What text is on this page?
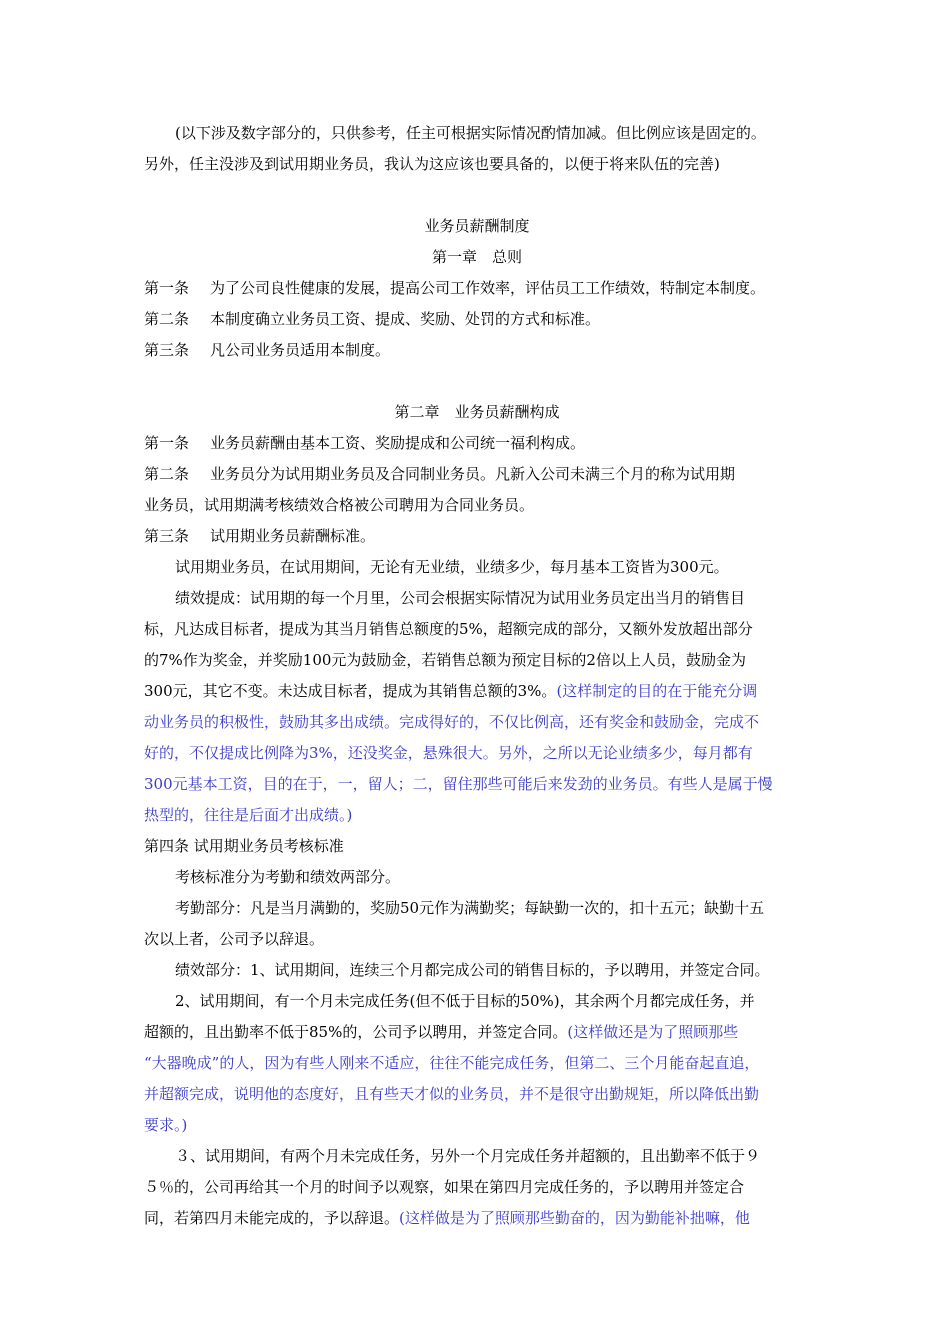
(以下涉及数字部分的，只供参考，任主可根据实际情况酌情加减。但比例应该是固定的。
另外，任主没涉及到试用期业务员，我认为这应该也要具备的，以便于将来队伍的完善)
业务员薪酬制度
第一章　总则
第一条 为了公司良性健康的发展，提高公司工作效率，评估员工工作绩效，特制定本制度。
第二条 本制度确立业务员工资、提成、奖励、处罚的方式和标准。
第三条 凡公司业务员适用本制度。
第二章　业务员薪酬构成
第一条 业务员薪酬由基本工资、奖励提成和公司统一福利构成。
第二条 业务员分为试用期业务员及合同制业务员。凡新入公司未满三个月的称为试用期
业务员，试用期满考核绩效合格被公司聘用为合同业务员。
第三条 试用期业务员薪酬标准。
试用期业务员，在试用期间，无论有无业绩，业绩多少，每月基本工资皆为300元。
绩效提成：试用期的每一个月里，公司会根据实际情况为试用业务员定出当月的销售目
标，凡达成目标者，提成为其当月销售总额度的5%，超额完成的部分，又额外发放超出部分
的7%作为奖金，并奖励100元为鼓励金，若销售总额为预定目标的2倍以上人员，鼓励金为
300元，其它不变。未达成目标者，提成为其销售总额的3%。(这样制定的目的在于能充分调
动业务员的积极性，鼓励其多出成绩。完成得好的，不仅比例高，还有奖金和鼓励金，完成不
好的，不仅提成比例降为3%，还没奖金，悬殊很大。另外，之所以无论业绩多少，每月都有
300元基本工资，目的在于，一，留人；二，留住那些可能后来发劲的业务员。有些人是属于慢
热型的，往往是后面才出成绩。)
第四条 试用期业务员考核标准
考核标准分为考勤和绩效两部分。
考勤部分：凡是当月满勤的，奖励50元作为满勤奖；每缺勤一次的，扣十五元；缺勤十五
次以上者，公司予以辞退。
绩效部分：1、试用期间，连续三个月都完成公司的销售目标的，予以聘用，并签定合同。
2、试用期间，有一个月未完成任务(但不低于目标的50%)，其余两个月都完成任务，并
超额的，且出勤率不低于85%的，公司予以聘用，并签定合同。(这样做还是为了照顾那些
“大器晚成”的人，因为有些人刚来不适应，往往不能完成任务，但第二、三个月能奋起直追，
并超额完成，说明他的态度好，且有些天才似的业务员，并不是很守出勤规矩，所以降低出勤
要求。)
３、试用期间，有两个月未完成任务，另外一个月完成任务并超额的，且出勤率不低于９
５％的，公司再给其一个月的时间予以观察，如果在第四月完成任务的，予以聘用并签定合
同，若第四月未能完成的，予以辞退。(这样做是为了照顾那些勤奋的，因为勤能补拙嘛，他
